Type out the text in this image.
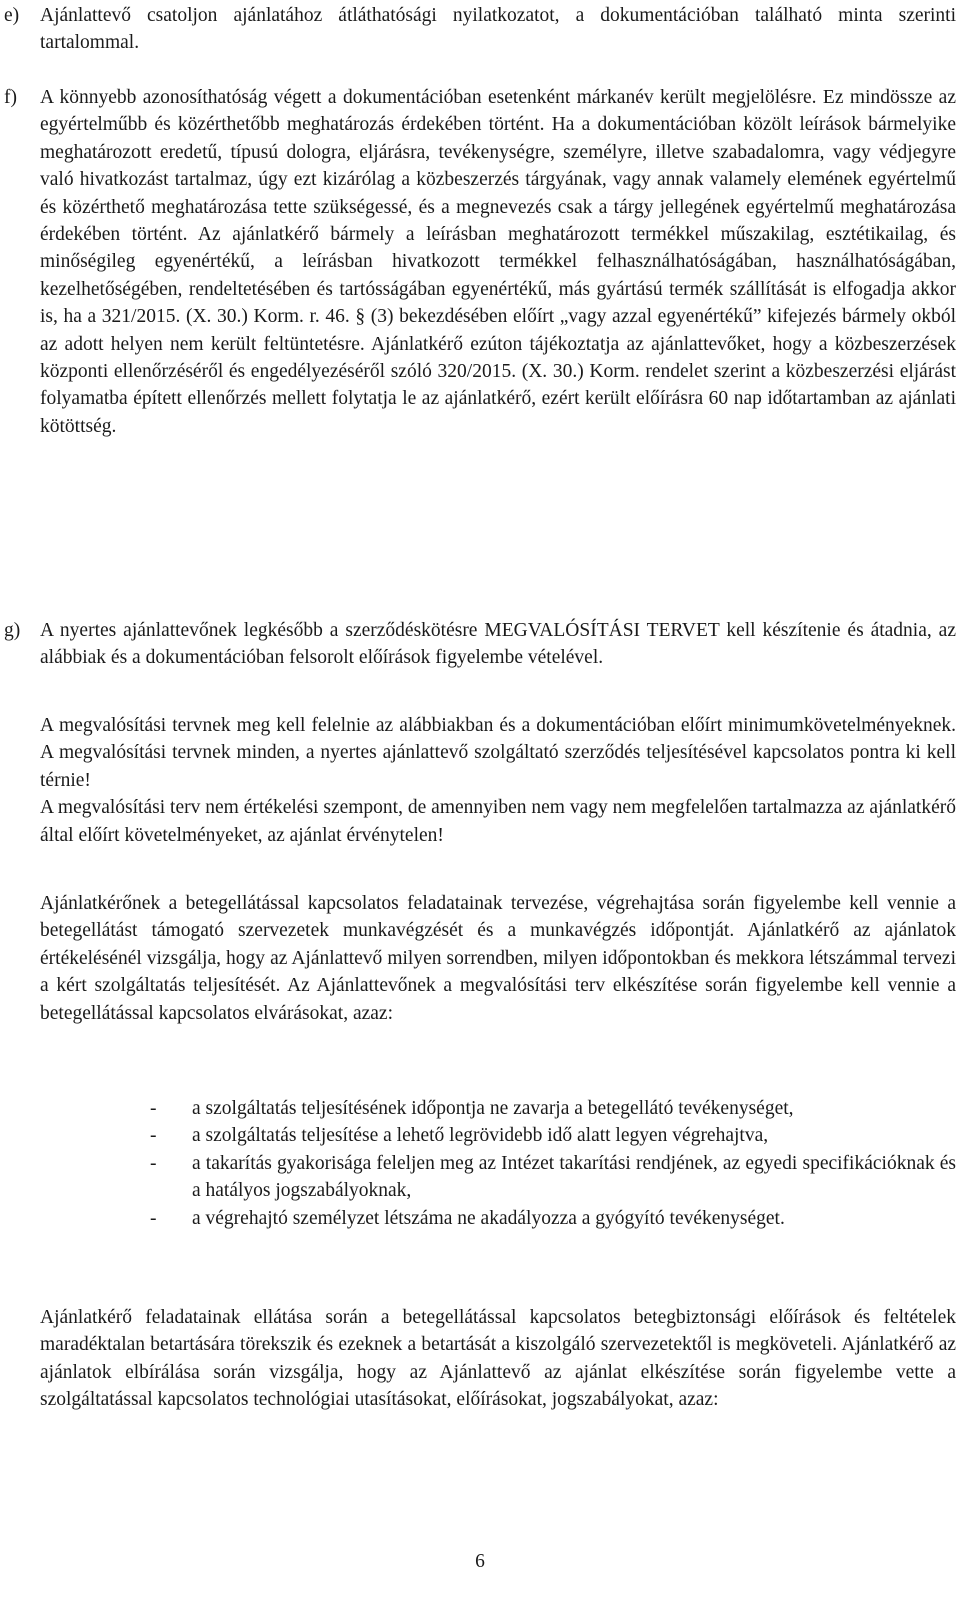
e)	Ajánlattevő csatoljon ajánlatához átláthatósági nyilatkozatot, a dokumentációban található minta szerinti tartalommal.
f)	A könnyebb azonosíthatóság végett a dokumentációban esetenként márkanév került megjelölésre. Ez mindössze az egyértelműbb és közérthetőbb meghatározás érdekében történt. Ha a dokumentációban közölt leírások bármelyike meghatározott eredetű, típusú dologra, eljárásra, tevékenységre, személyre, illetve szabadalomra, vagy védjegyre való hivatkozást tartalmaz, úgy ezt kizárólag a közbeszerzés tárgyának, vagy annak valamely elemének egyértelmű és közérthető meghatározása tette szükségessé, és a megnevezés csak a tárgy jellegének egyértelmű meghatározása érdekében történt. Az ajánlatkérő bármely a leírásban meghatározott termékkel műszakilag, esztétikailag, és minőségileg egyenértékű, a leírásban hivatkozott termékkel felhasználhatóságában, használhatóságában, kezelhetőségében, rendeltetésében és tartósságában egyenértékű, más gyártású termék szállítását is elfogadja akkor is, ha a 321/2015. (X. 30.) Korm. r. 46. § (3) bekezdésében előírt „vagy azzal egyenértékű” kifejezés bármely okból az adott helyen nem került feltüntetésre. Ajánlatkérő ezúton tájékoztatja az ajánlattevőket, hogy a közbeszerzések központi ellenőrzéséről és engedélyezéséről szóló 320/2015. (X. 30.) Korm. rendelet szerint a közbeszerzési eljárást folyamatba épített ellenőrzés mellett folytatja le az ajánlatkérő, ezért került előírásra 60 nap időtartamban az ajánlati kötöttség.
g)	A nyertes ajánlattevőnek legkésőbb a szerződéskötésre MEGVALÓSÍTÁSI TERVET kell készítenie és átadnia, az alábbiak és a dokumentációban felsorolt előírások figyelembe vételével.

A megvalósítási tervnek meg kell felelnie az alábbiakban és a dokumentációban előírt minimumkövetelményeknek. A megvalósítási tervnek minden, a nyertes ajánlattevő szolgáltató szerződés teljesítésével kapcsolatos pontra ki kell térnie!

A megvalósítási terv nem értékelési szempont, de amennyiben nem vagy nem megfelelően tartalmazza az ajánlatkérő által előírt követelményeket, az ajánlat érvénytelen!

Ajánlatkérőnek a betegellátással kapcsolatos feladatainak tervezése, végrehajtása során figyelembe kell vennie a betegellátást támogató szervezetek munkavégzését és a munkavégzés időpontját. Ajánlatkérő az ajánlatok értékelésénél vizsgálja, hogy az Ajánlattevő milyen sorrendben, milyen időpontokban és mekkora létszámmal tervezi a kért szolgáltatás teljesítését. Az Ajánlattevőnek a megvalósítási terv elkészítése során figyelembe kell vennie a betegellátással kapcsolatos elvárásokat, azaz:

- a szolgáltatás teljesítésének időpontja ne zavarja a betegellátó tevékenységet,
- a szolgáltatás teljesítése a lehető legrövidebb idő alatt legyen végrehajtva,
- a takarítás gyakorisága feleljen meg az Intézet takarítási rendjének, az egyedi specifikációknak és a hatályos jogszabályoknak,
- a végrehajtó személyzet létszáma ne akadályozza a gyógyító tevékenységet.

Ajánlatkérő feladatainak ellátása során a betegellátással kapcsolatos betegbiztonsági előírások és feltételek maradéktalan betartására törekszik és ezeknek a betartását a kiszolgáló szervezetektől is megköveteli. Ajánlatkérő az ajánlatok elbírálása során vizsgálja, hogy az Ajánlattevő az ajánlat elkészítése során figyelembe vette a szolgáltatással kapcsolatos technológiai utasításokat, előírásokat, jogszabályokat, azaz:

6
